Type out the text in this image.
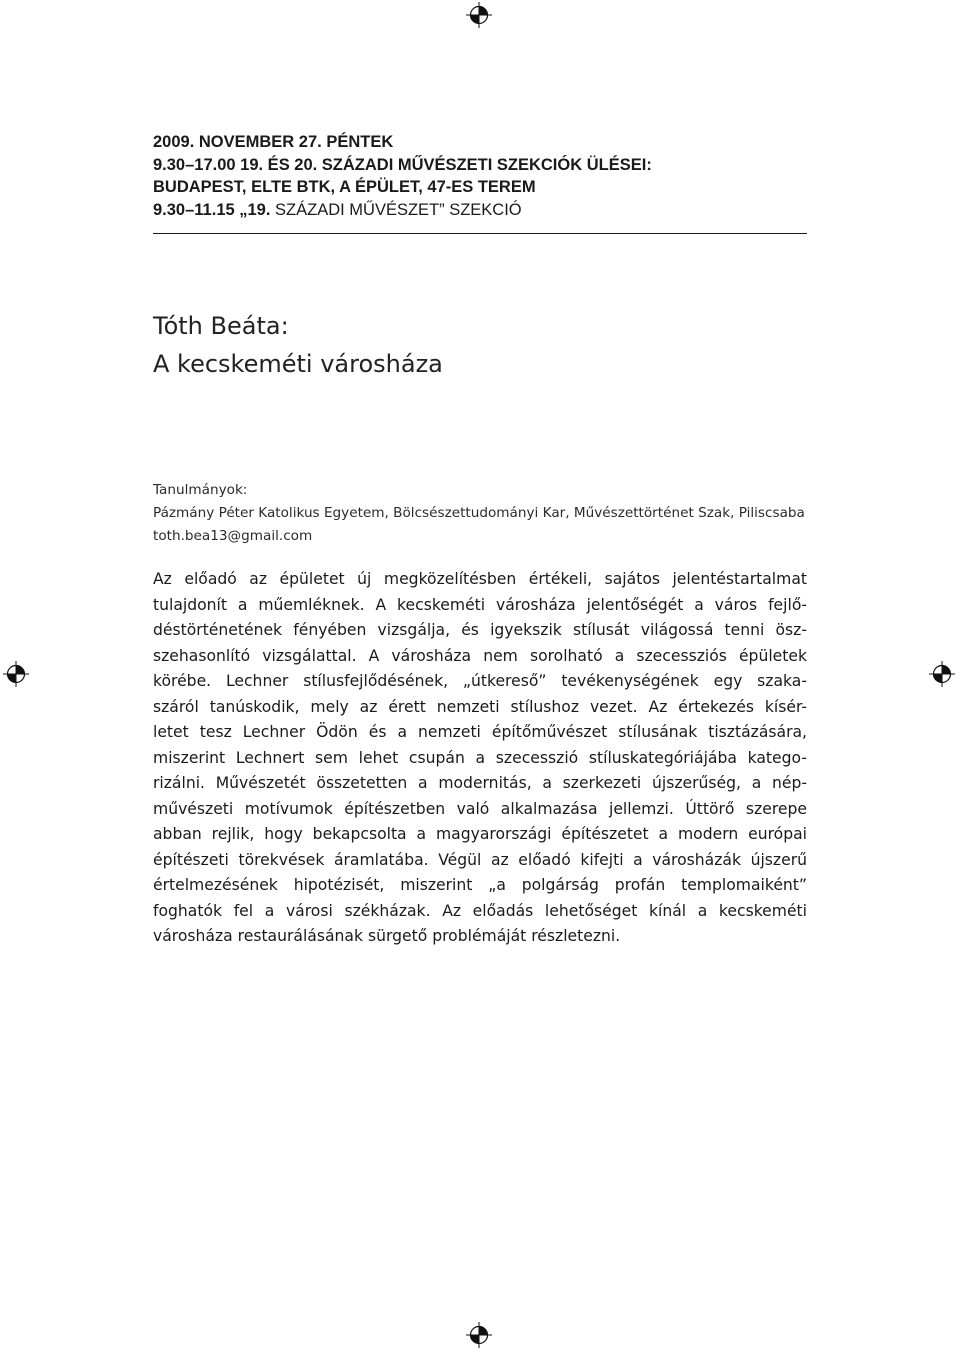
2009. NOVEMBER 27. PÉNTEK
9.30–17.00 19. ÉS 20. SZÁZADI MŰVÉSZETI SZEKCIÓK ÜLÉSEI:
BUDAPEST, ELTE BTK, A ÉPÜLET, 47-ES TEREM
9.30–11.15 „19. SZÁZADI MŰVÉSZET” SZEKCIÓ
Tóth Beáta:
A kecskeméti városháza
Tanulmányok:
Pázmány Péter Katolikus Egyetem, Bölcsészettudományi Kar, Művészettörténet Szak, Piliscsaba
toth.bea13@gmail.com
Az előadó az épületet új megközelítésben értékeli, sajátos jelentéstartalmat
tulajdonít a műemléknek. A kecskeméti városháza jelentőségét a város fejlő-
déstörténetének fényében vizsgálja, és igyekszik stílusát világossá tenni ösz-
szehasonlító vizsgálattal. A városháza nem sorolható a szecessziós épületek
körébe. Lechner stílusfejlődésének, „útkereső” tevékenységének egy szaka-
száról tanúskodik, mely az érett nemzeti stílushoz vezet. Az értekezés kísér-
letet tesz Lechner Ödön és a nemzeti építőművészet stílusának tisztázására,
miszerint Lechnert sem lehet csupán a szecesszió stíluskategóriájába katego-
rizálni. Művészetét összetetten a modernitás, a szerkezeti újszerűség, a nép-
művészeti motívumok építészetben való alkalmazása jellemzi. Úttörő szerepe
abban rejlik, hogy bekapcsolta a magyarországi építészetet a modern európai
építészeti törekvések áramlatába. Végül az előadó kifejti a városházák újszerű
értelmezésének hipotézisét, miszerint „a polgárság profán templomaiként”
foghatók fel a városi székházak. Az előadás lehetőséget kínál a kecskeméti
városháza restaurálásának sürgető problémáját részletezni.
